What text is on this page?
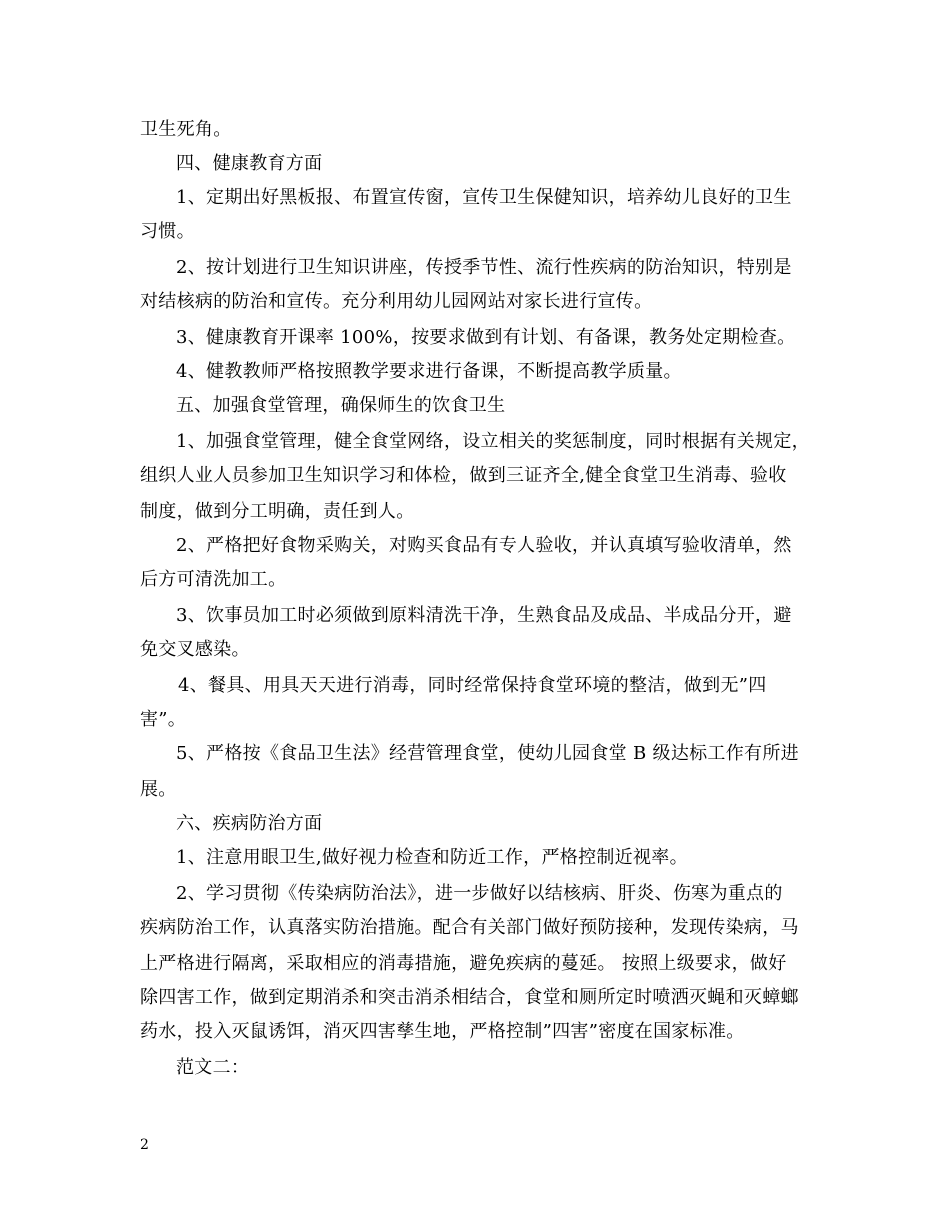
卫生死角。
四、健康教育方面
1、定期出好黑板报、布置宣传窗，宣传卫生保健知识，培养幼儿良好的卫生
习惯。
2、按计划进行卫生知识讲座，传授季节性、流行性疾病的防治知识，特别是
对结核病的防治和宣传。充分利用幼儿园网站对家长进行宣传。
3、健康教育开课率 100%，按要求做到有计划、有备课，教务处定期检查。
4、健教教师严格按照教学要求进行备课，不断提高教学质量。
五、加强食堂管理，确保师生的饮食卫生
1、加强食堂管理，健全食堂网络，设立相关的奖惩制度，同时根据有关规定，
组织人业人员参加卫生知识学习和体检，做到三证齐全,健全食堂卫生消毒、验收
制度，做到分工明确，责任到人。
2、严格把好食物采购关，对购买食品有专人验收，并认真填写验收清单，然
后方可清洗加工。
3、饮事员加工时必须做到原料清洗干净，生熟食品及成品、半成品分开，避
免交叉感染。
4、餐具、用具天天进行消毒，同时经常保持食堂环境的整洁，做到无”四
害”。
5、严格按《食品卫生法》经营管理食堂，使幼儿园食堂 B 级达标工作有所进
展。
六、疾病防治方面
1、注意用眼卫生,做好视力检查和防近工作，严格控制近视率。
2、学习贯彻《传染病防治法》，进一步做好以结核病、肝炎、伤寒为重点的
疾病防治工作，认真落实防治措施。配合有关部门做好预防接种，发现传染病，马
上严格进行隔离，采取相应的消毒措施，避免疾病的蔓延。 按照上级要求，做好
除四害工作，做到定期消杀和突击消杀相结合，食堂和厕所定时喷洒灭蝇和灭蟑螂
药水，投入灭鼠诱饵，消灭四害孳生地，严格控制”四害”密度在国家标准。
范文二：
2
